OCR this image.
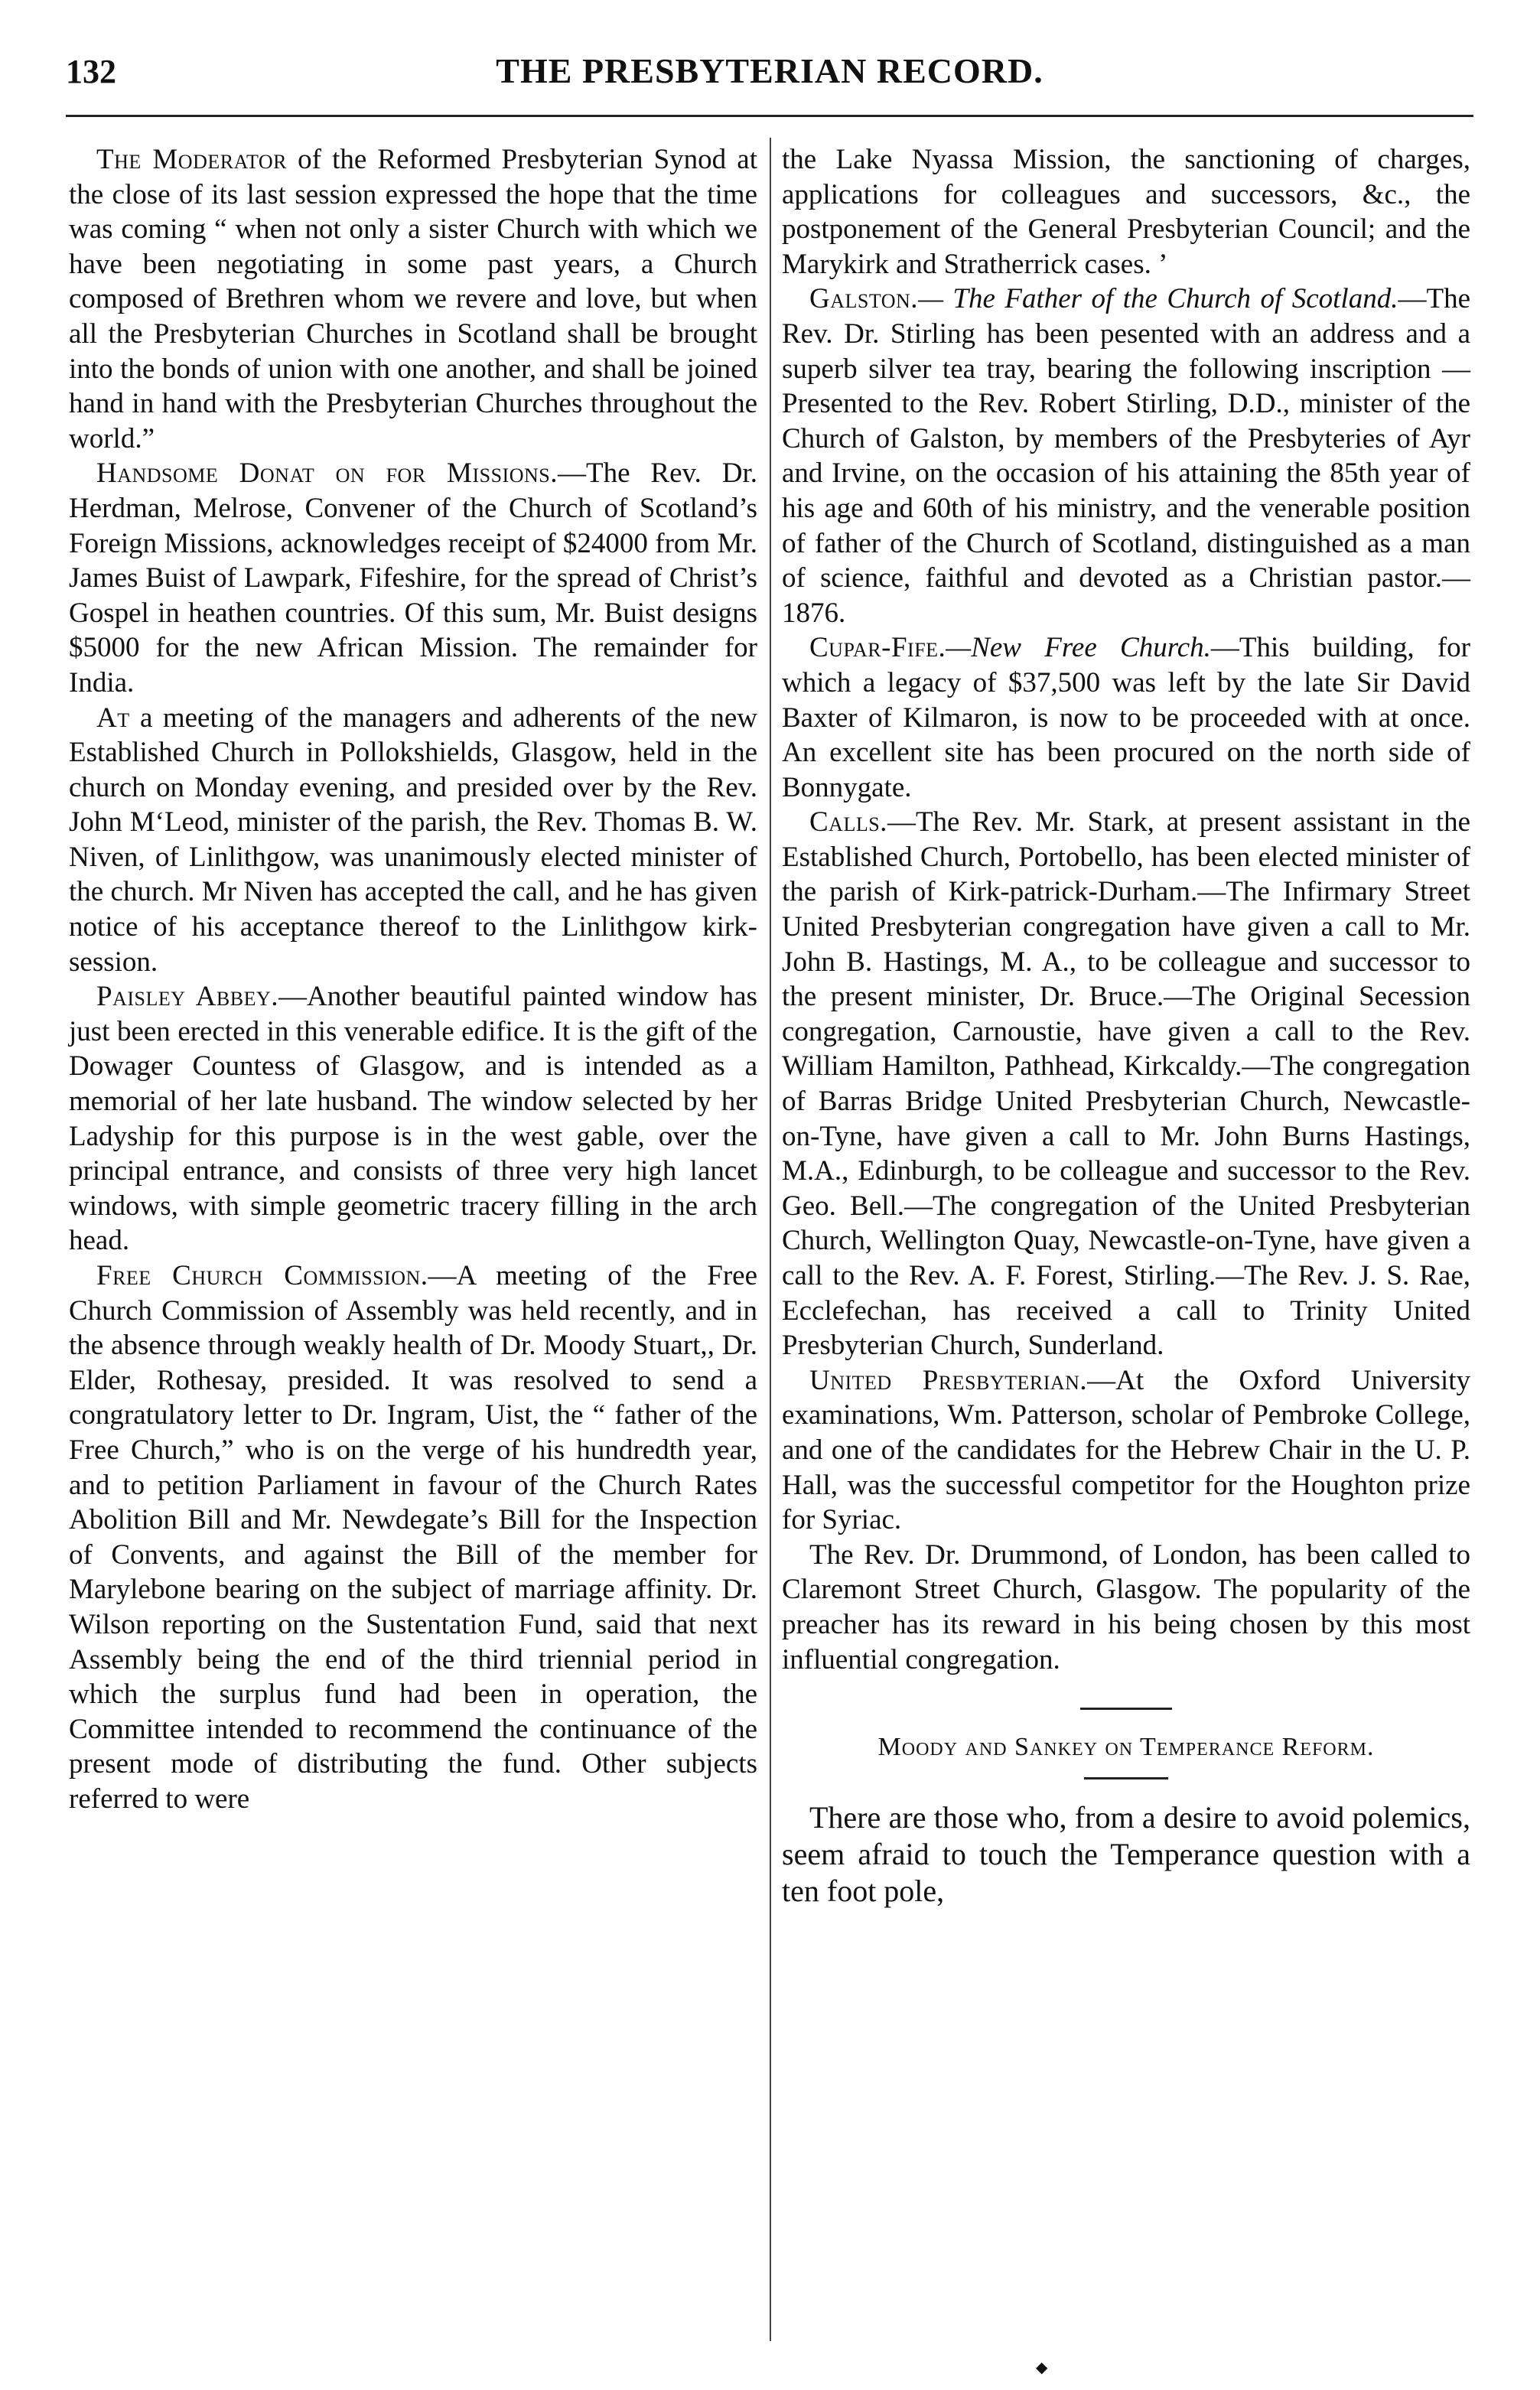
132	THE PRESBYTERIAN RECORD.

The Moderator of the Reformed Presbyterian Synod at the close of its last session expressed the hope that the time was coming “ when not only a sister Church with which we have been negotiating in some past years, a Church composed of Brethren whom we revere and love, but when all the Presbyterian Churches in Scotland shall be brought into the bonds of union with one another, and shall be joined hand in hand with the Presbyterian Churches throughout the world.”

Handsome Donat on for Missions.—The Rev. Dr. Herdman, Melrose, Convener of the Church of Scotland’s Foreign Missions, acknowledges receipt of $24000 from Mr. James Buist of Lawpark, Fifeshire, for the spread of Christ’s Gospel in heathen countries. Of this sum, Mr. Buist designs $5000 for the new African Mission. The remainder for India.

At a meeting of the managers and adherents of the new Established Church in Pollokshields, Glasgow, held in the church on Monday evening, and presided over by the Rev. John M‘Leod, minister of the parish, the Rev. Thomas B. W. Niven, of Linlithgow, was unanimously elected minister of the church. Mr Niven has accepted the call, and he has given notice of his acceptance thereof to the Linlithgow kirk-session.

Paisley Abbey.—Another beautiful painted window has just been erected in this venerable edifice. It is the gift of the Dowager Countess of Glasgow, and is intended as a memorial of her late husband. The window selected by her Ladyship for this purpose is in the west gable, over the principal entrance, and consists of three very high lancet windows, with simple geometric tracery filling in the arch head.

Free Church Commission.—A meeting of the Free Church Commission of Assembly was held recently, and in the absence through weakly health of Dr. Moody Stuart,, Dr. Elder, Rothesay, presided. It was resolved to send a congratulatory letter to Dr. Ingram, Uist, the “ father of the Free Church,” who is on the verge of his hundredth year, and to petition Parliament in favour of the Church Rates Abolition Bill and Mr. Newdegate’s Bill for the Inspection of Convents, and against the Bill of the member for Marylebone bearing on the subject of marriage affinity. Dr. Wilson reporting on the Sustentation Fund, said that next Assembly being the end of the third triennial period in which the surplus fund had been in operation, the Committee intended to recommend the continuance of the present mode of distributing the fund. Other subjects referred to were

the Lake Nyassa Mission, the sanctioning of charges, applications for colleagues and successors, &c., the postponement of the General Presbyterian Council; and the Marykirk and Stratherrick cases. ’

Galston.— The Father of the Church of Scotland.—The Rev. Dr. Stirling has been pesented with an address and a superb silver tea tray, bearing the following inscription —Presented to the Rev. Robert Stirling, D.D., minister of the Church of Galston, by members of the Presbyteries of Ayr and Irvine, on the occasion of his attaining the 85th year of his age and 60th of his ministry, and the venerable position of father of the Church of Scotland, distinguished as a man of science, faithful and devoted as a Christian pastor.—1876.

Cupar-Fife.—New Free Church.—This building, for which a legacy of $37,500 was left by the late Sir David Baxter of Kilmaron, is now to be proceeded with at once. An excellent site has been procured on the north side of Bonnygate.

Calls.—The Rev. Mr. Stark, at present assistant in the Established Church, Portobello, has been elected minister of the parish of Kirk-patrick-Durham.—The Infirmary Street United Presbyterian congregation have given a call to Mr. John B. Hastings, M. A., to be colleague and successor to the present minister, Dr. Bruce.—The Original Secession congregation, Carnoustie, have given a call to the Rev. William Hamilton, Pathhead, Kirkcaldy.—The congregation of Barras Bridge United Presbyterian Church, Newcastle-on-Tyne, have given a call to Mr. John Burns Hastings, M.A., Edinburgh, to be colleague and successor to the Rev. Geo. Bell.—The congregation of the United Presbyterian Church, Wellington Quay, Newcastle-on-Tyne, have given a call to the Rev. A. F. Forest, Stirling.—The Rev. J. S. Rae, Ecclefechan, has received a call to Trinity United Presbyterian Church, Sunderland.

United Presbyterian.—At the Oxford University examinations, Wm. Patterson, scholar of Pembroke College, and one of the candidates for the Hebrew Chair in the U. P. Hall, was the successful competitor for the Houghton prize for Syriac.

The Rev. Dr. Drummond, of London, has been called to Claremont Street Church, Glasgow. The popularity of the preacher has its reward in his being chosen by this most influential congregation.

Moody and Sankey on Temperance Reform.

There are those who, from a desire to avoid polemics, seem afraid to touch the Temperance question with a ten foot pole,

◆
